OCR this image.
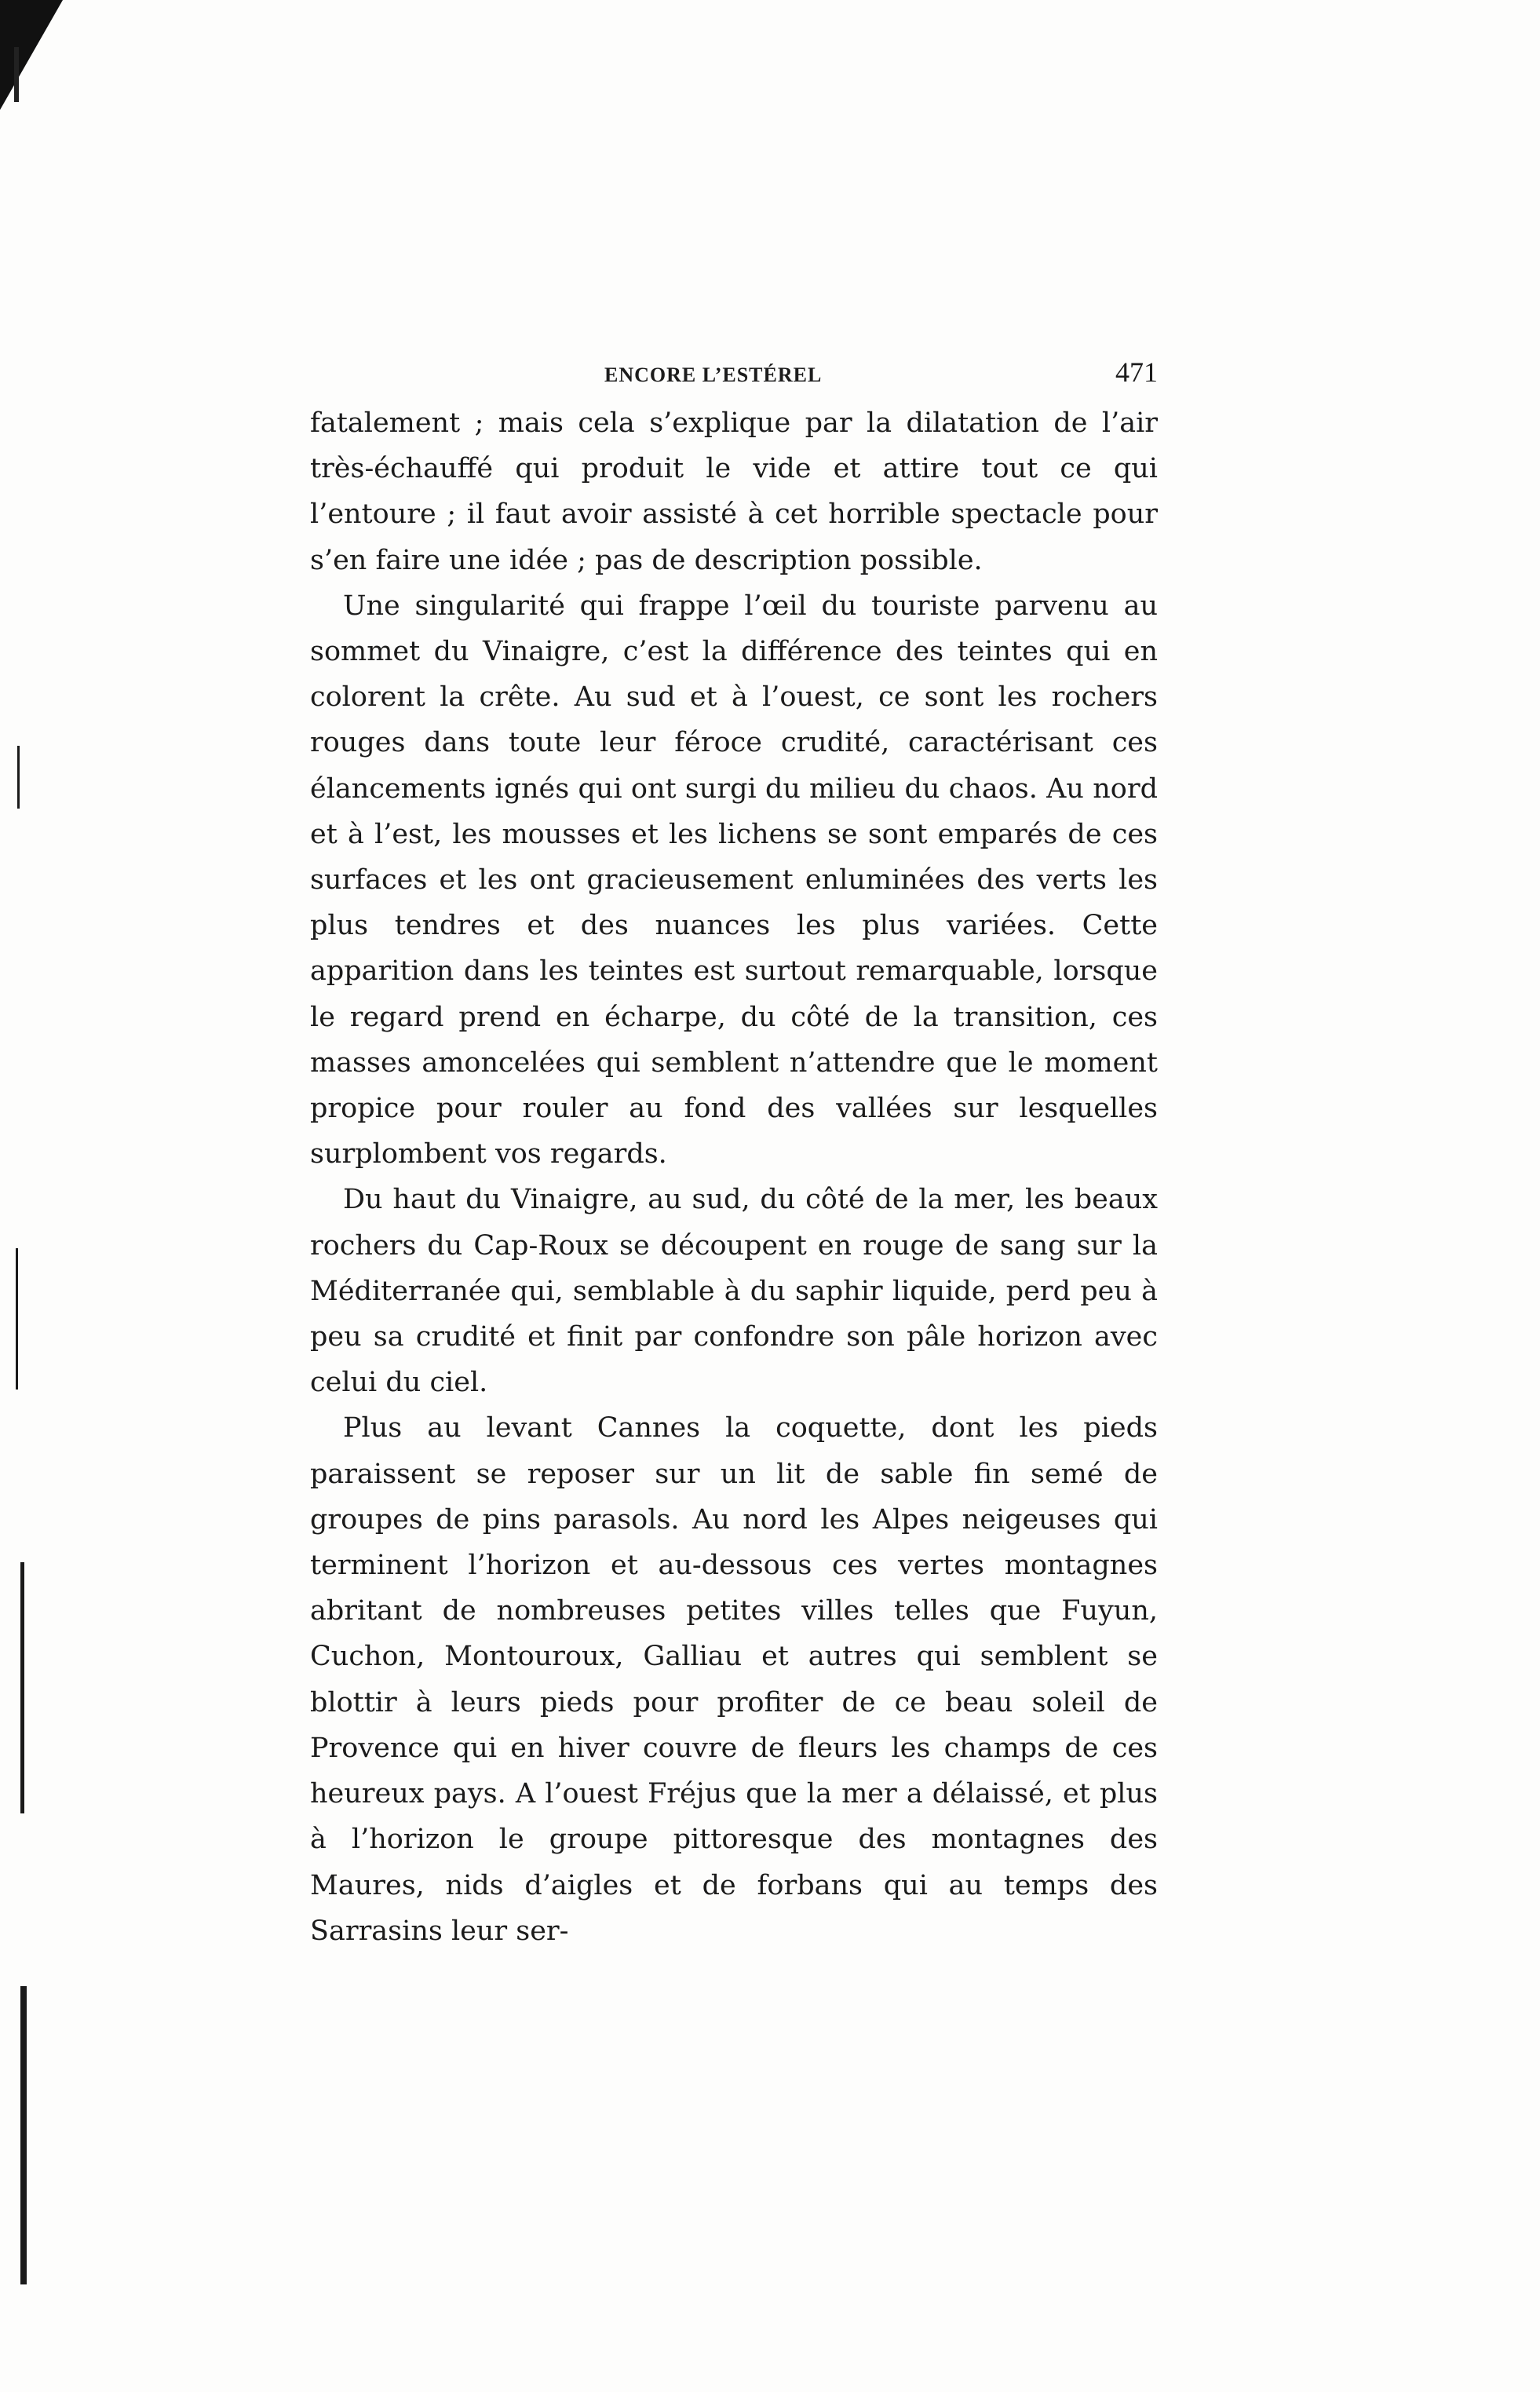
ENCORE L’ESTÉREL	471

fatalement ; mais cela s’explique par la dilatation de l’air très-échauffé qui produit le vide et attire tout ce qui l’entoure ; il faut avoir assisté à cet horrible spectacle pour s’en faire une idée ; pas de description possible.

Une singularité qui frappe l’œil du touriste parvenu au sommet du Vinaigre, c’est la différence des teintes qui en colorent la crête. Au sud et à l’ouest, ce sont les rochers rouges dans toute leur féroce crudité, caractérisant ces élancements ignés qui ont surgi du milieu du chaos. Au nord et à l’est, les mousses et les lichens se sont emparés de ces surfaces et les ont gracieusement enluminées des verts les plus tendres et des nuances les plus variées. Cette apparition dans les teintes est surtout remarquable, lorsque le regard prend en écharpe, du côté de la transition, ces masses amoncelées qui semblent n’attendre que le moment propice pour rouler au fond des vallées sur lesquelles surplombent vos regards.

Du haut du Vinaigre, au sud, du côté de la mer, les beaux rochers du Cap-Roux se découpent en rouge de sang sur la Méditerranée qui, semblable à du saphir liquide, perd peu à peu sa crudité et finit par confondre son pâle horizon avec celui du ciel.

Plus au levant Cannes la coquette, dont les pieds paraissent se reposer sur un lit de sable fin semé de groupes de pins parasols. Au nord les Alpes neigeuses qui terminent l’horizon et au-dessous ces vertes montagnes abritant de nombreuses petites villes telles que Fuyun, Cuchon, Montouroux, Galliau et autres qui semblent se blottir à leurs pieds pour profiter de ce beau soleil de Provence qui en hiver couvre de fleurs les champs de ces heureux pays. A l’ouest Fréjus que la mer a délaissé, et plus à l’horizon le groupe pittoresque des montagnes des Maures, nids d’aigles et de forbans qui au temps des Sarrasins leur ser-
